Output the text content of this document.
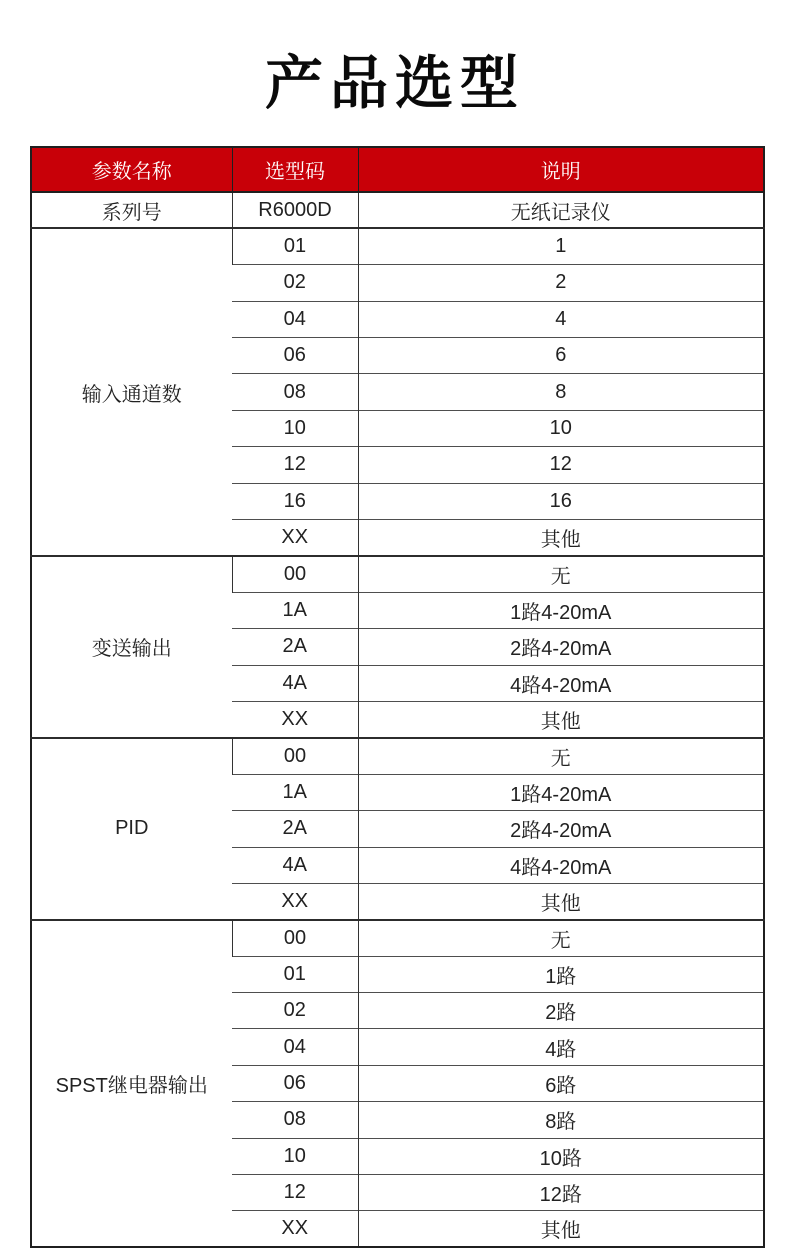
产品选型
参数名称	选型码	说明
系列号	R6000D	无纸记录仪
输入通道数	01	1
	02	2
	04	4
	06	6
	08	8
	10	10
	12	12
	16	16
	XX	其他
变送输出	00	无
	1A	1路4-20mA
	2A	2路4-20mA
	4A	4路4-20mA
	XX	其他
PID	00	无
	1A	1路4-20mA
	2A	2路4-20mA
	4A	4路4-20mA
	XX	其他
SPST继电器输出	00	无
	01	1路
	02	2路
	04	4路
	06	6路
	08	8路
	10	10路
	12	12路
	XX	其他
